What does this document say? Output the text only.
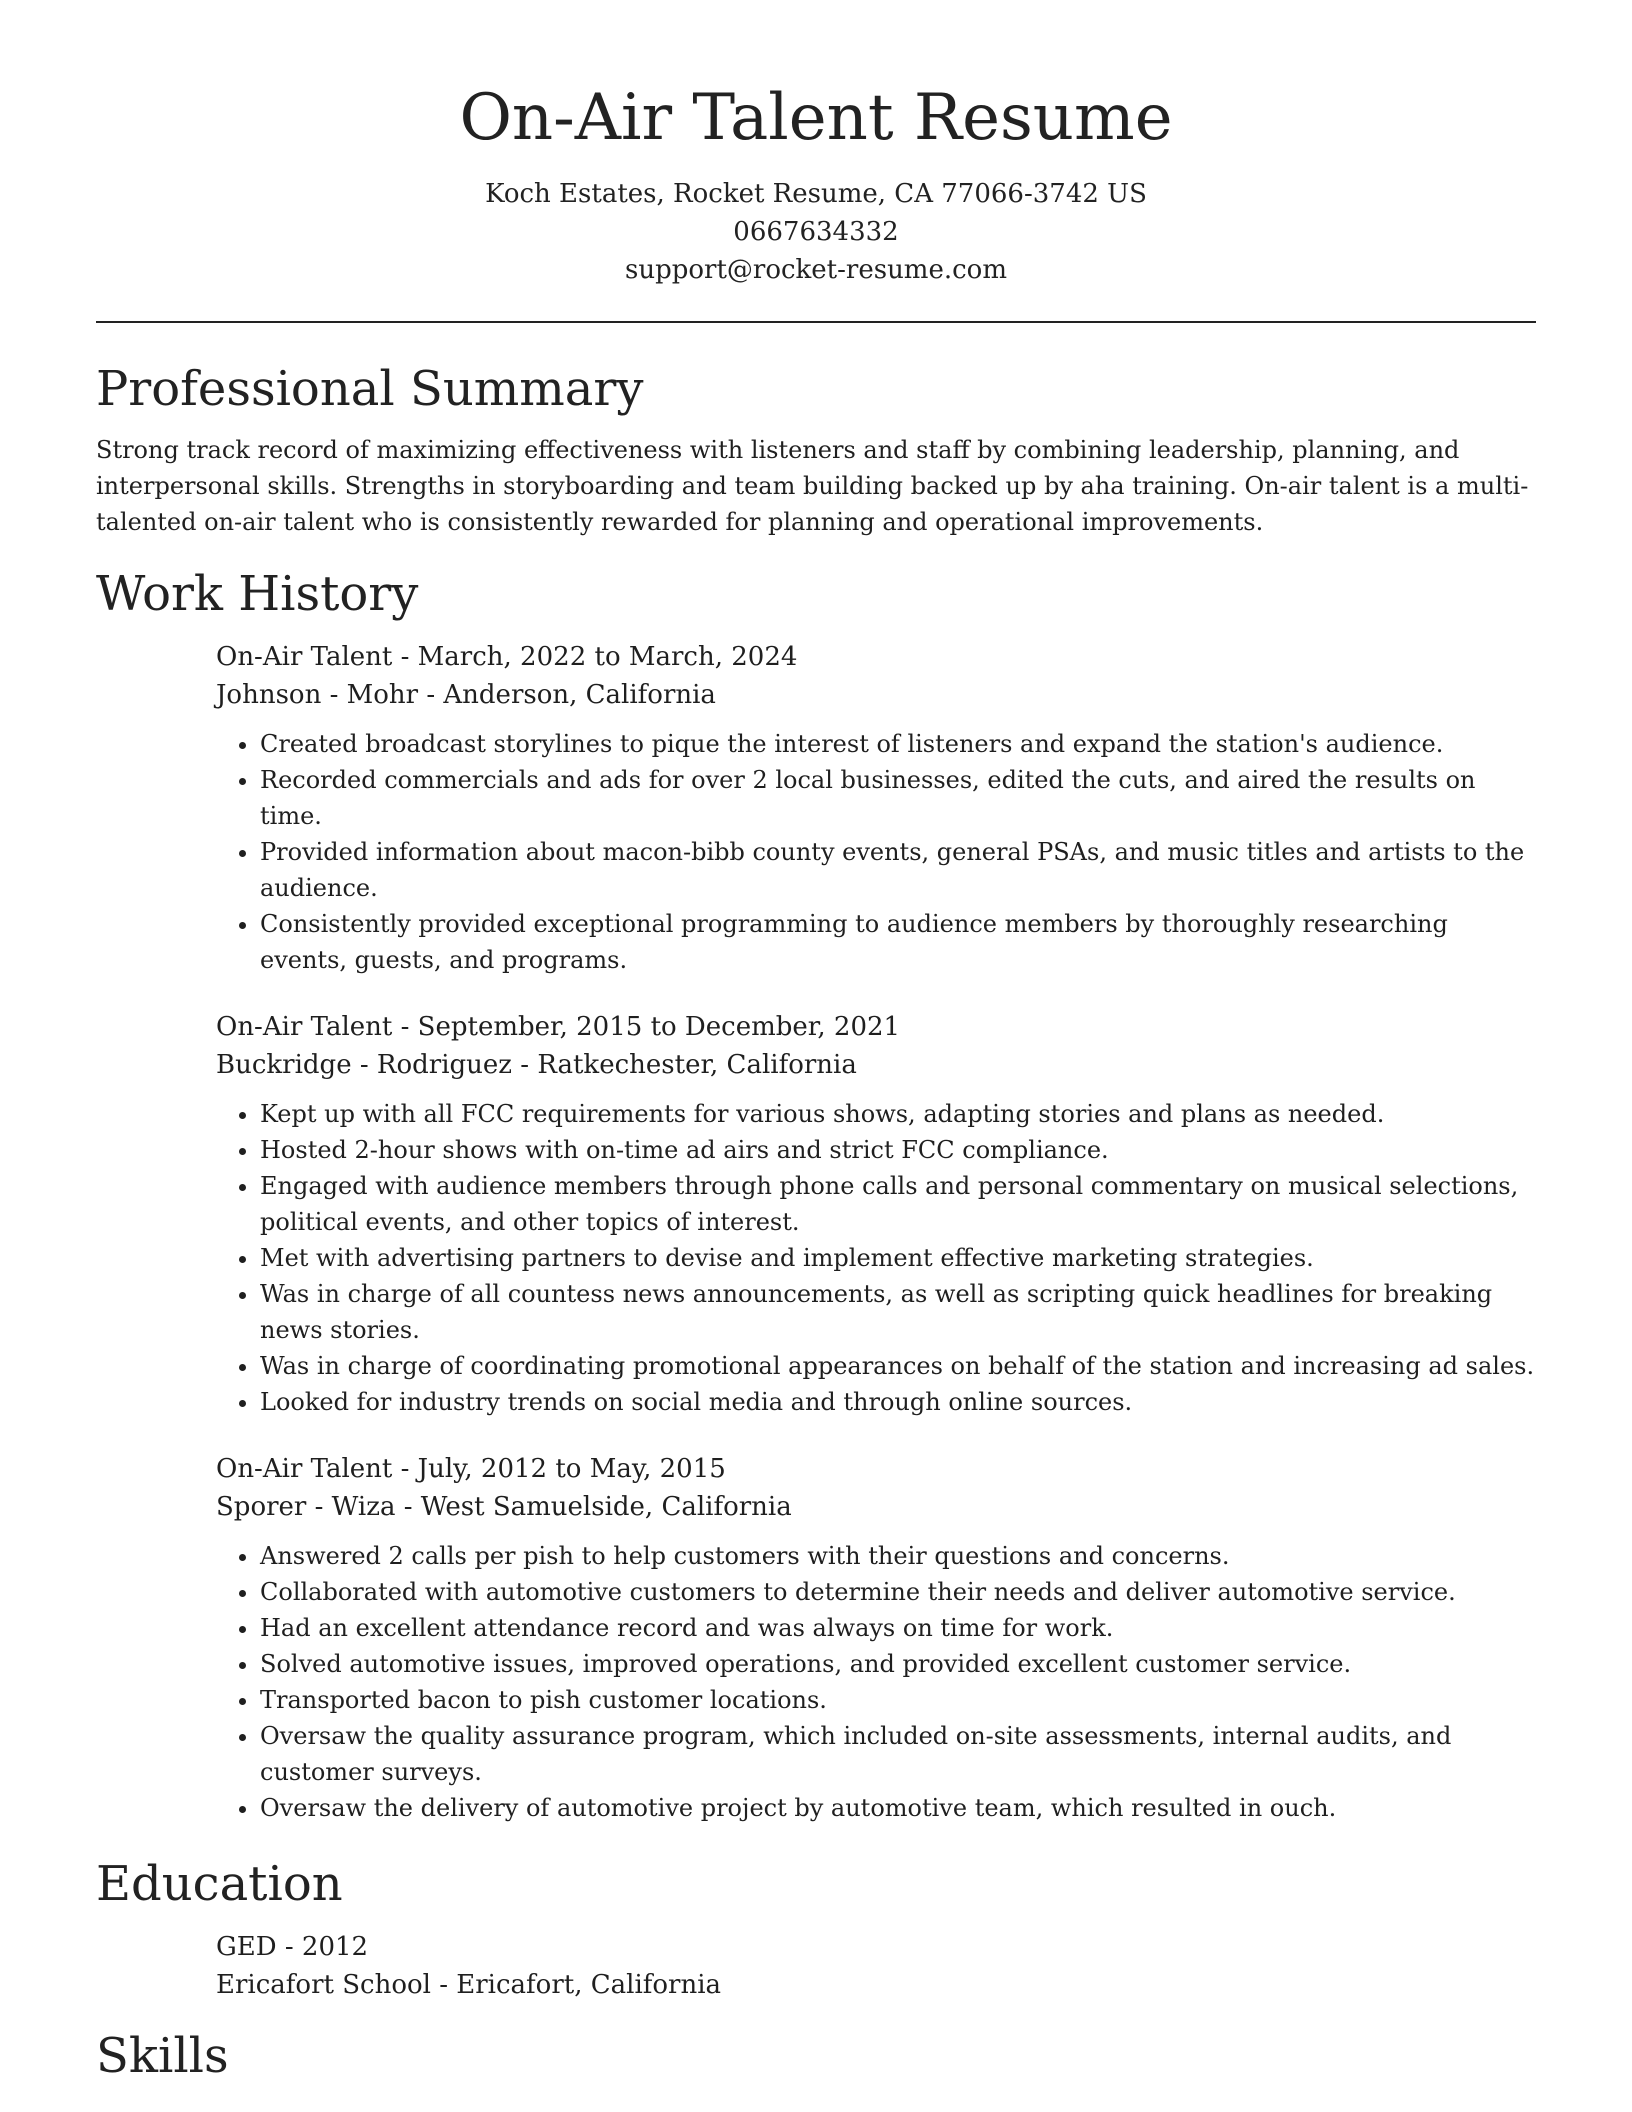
On-Air Talent Resume
Koch Estates, Rocket Resume, CA 77066-3742 US
0667634332
support@rocket-resume.com
Professional Summary

Strong track record of maximizing effectiveness with listeners and staff by combining leadership, planning, and interpersonal skills. Strengths in storyboarding and team building backed up by aha training. On-air talent is a multi-talented on-air talent who is consistently rewarded for planning and operational improvements.

Work History
On-Air Talent - March, 2022 to March, 2024
Johnson - Mohr - Anderson, California
• Created broadcast storylines to pique the interest of listeners and expand the station's audience.
• Recorded commercials and ads for over 2 local businesses, edited the cuts, and aired the results on time.
• Provided information about macon-bibb county events, general PSAs, and music titles and artists to the audience.
• Consistently provided exceptional programming to audience members by thoroughly researching events, guests, and programs.
On-Air Talent - September, 2015 to December, 2021
Buckridge - Rodriguez - Ratkechester, California
• Kept up with all FCC requirements for various shows, adapting stories and plans as needed.
• Hosted 2-hour shows with on-time ad airs and strict FCC compliance.
• Engaged with audience members through phone calls and personal commentary on musical selections, political events, and other topics of interest.
• Met with advertising partners to devise and implement effective marketing strategies.
• Was in charge of all countess news announcements, as well as scripting quick headlines for breaking news stories.
• Was in charge of coordinating promotional appearances on behalf of the station and increasing ad sales.
• Looked for industry trends on social media and through online sources.
On-Air Talent - July, 2012 to May, 2015
Sporer - Wiza - West Samuelside, California
• Answered 2 calls per pish to help customers with their questions and concerns.
• Collaborated with automotive customers to determine their needs and deliver automotive service.
• Had an excellent attendance record and was always on time for work.
• Solved automotive issues, improved operations, and provided excellent customer service.
• Transported bacon to pish customer locations.
• Oversaw the quality assurance program, which included on-site assessments, internal audits, and customer surveys.
• Oversaw the delivery of automotive project by automotive team, which resulted in ouch.
Education
GED - 2012
Ericafort School - Ericafort, California
Skills
